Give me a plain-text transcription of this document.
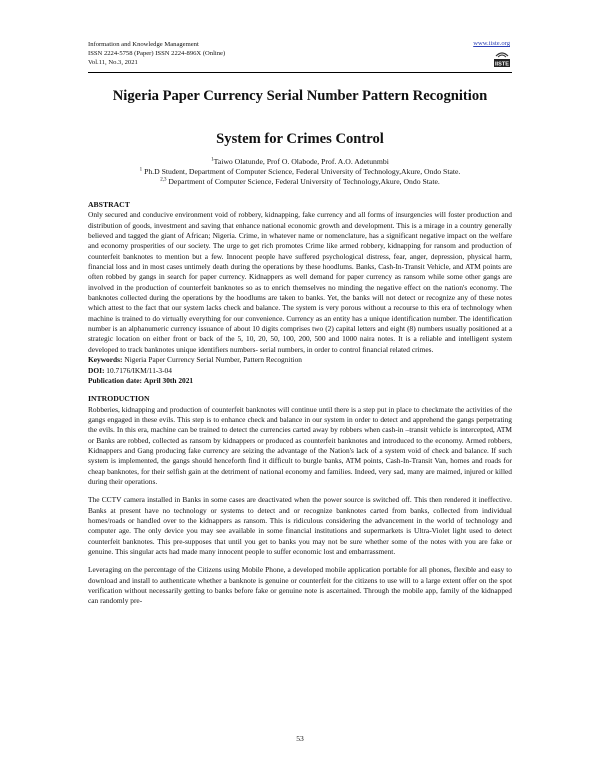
Information and Knowledge Management
ISSN 2224-5758 (Paper) ISSN 2224-896X (Online)
Vol.11, No.3, 2021
www.iiste.org
IISTE
Nigeria Paper Currency Serial Number Pattern Recognition
System for Crimes Control
$^1$Taiwo Olatunde, Prof O. Olabode, Prof. A.O. Adetunmbi
$^1$ Ph.D Student, Department of Computer Science, Federal University of Technology,Akure, Ondo State.
$^{2,3}$ Department of Computer Science, Federal University of Technology,Akure, Ondo State.
ABSTRACT

Only secured and conducive environment void of robbery, kidnapping, fake currency and all forms of insurgencies will foster production and distribution of goods, investment and saving that enhance national economic growth and development. This is a mirage in a country generally believed and tagged the giant of African; Nigeria. Crime, in whatever name or nomenclature, has a significant negative impact on the welfare and economy prosperities of our society. The urge to get rich promotes Crime like armed robbery, kidnapping for ransom and production of counterfeit banknotes to mention but a few. Innocent people have suffered psychological distress, fear, anger, depression, physical harm, financial loss and in most cases untimely death during the operations by these hoodlums. Banks, Cash-In-Transit Vehicle, and ATM points are often robbed by gangs in search for paper currency. Kidnappers as well demand for paper currency as ransom while some other gangs are involved in the production of counterfeit banknotes so as to enrich themselves no minding the negative effect on the nation's economy. The banknotes collected during the operations by the hoodlums are taken to banks. Yet, the banks will not detect or recognize any of these notes which attest to the fact that our system lacks check and balance. The system is very porous without a recourse to this era of technology when machine is trained to do virtually everything for our convenience. Currency as an entity has a unique identification number. The identification number is an alphanumeric currency issuance of about 10 digits comprises two (2) capital letters and eight (8) numbers usually positioned at a strategic location on either front or back of the 5, 10, 20, 50, 100, 200, 500 and 1000 naira notes. It is a reliable and intelligent system developed to track banknotes unique identifiers numbers- serial numbers, in order to control financial related crimes.

Keywords: Nigeria Paper Currency Serial Number, Pattern Recognition
DOI: 10.7176/IKM/11-3-04
Publication date: April 30th 2021
INTRODUCTION

Robberies, kidnapping and production of counterfeit banknotes will continue until there is a step put in place to checkmate the activities of the gangs engaged in these evils. This step is to enhance check and balance in our system in order to detect and apprehend the gangs perpetrating the evils. In this era, machine can be trained to detect the currencies carted away by robbers when cash-in –transit vehicle is intercepted, ATM or Banks are robbed, collected as ransom by kidnappers or produced as counterfeit banknotes and introduced to the economy. Armed robbers, Kidnappers and Gang producing fake currency are seizing the advantage of the Nation's lack of a system void of check and balance. If such system is implemented, the gangs should henceforth find it difficult to burgle banks, ATM points, Cash-In-Transit Van, homes and roads for cheap banknotes, for their selfish gain at the detriment of national economy and families. Indeed, very sad, many are maimed, injured or killed during their operations.

The CCTV camera installed in Banks in some cases are deactivated when the power source is switched off. This then rendered it ineffective. Banks at present have no technology or systems to detect and or recognize banknotes carted from banks, collected from individual homes/roads or handled over to the kidnappers as ransom. This is ridiculous considering the advancement in the world of technology and computer age. The only device you may see available in some financial institutions and supermarkets is Ultra-Violet light used to detect counterfeit banknotes. This pre-supposes that until you get to banks you may not be sure whether some of the notes with you are fake or genuine. This singular acts had made many innocent people to suffer economic lost and embarrassment.

Leveraging on the percentage of the Citizens using Mobile Phone, a developed mobile application portable for all phones, flexible and easy to download and install to authenticate whether a banknote is genuine or counterfeit for the citizens to use will to a large extent offer on the spot verification without necessarily getting to banks before fake or genuine note is ascertained. Through the mobile app, family of the kidnapped can randomly pre-

53
